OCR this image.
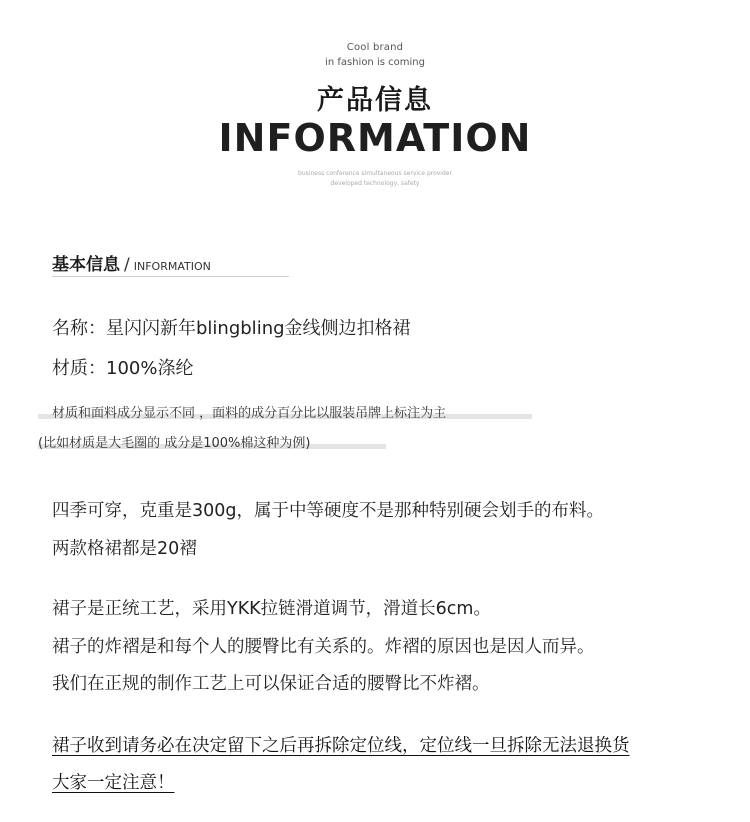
Cool brand
in fashion is coming
产品信息
INFORMATION
business conference simultaneous service provider
developed technology, safety
基本信息 / INFORMATION
名称：星闪闪新年blingbling金线侧边扣格裙
材质：100%涤纶
材质和面料成分显示不同 ，面料的成分百分比以服装吊牌上标注为主
(比如材质是大毛圈的 成分是100%棉这种为例)
四季可穿，克重是300g，属于中等硬度不是那种特别硬会划手的布料。
两款格裙都是20褶
裙子是正统工艺，采用YKK拉链滑道调节，滑道长6cm。
裙子的炸褶是和每个人的腰臀比有关系的。炸褶的原因也是因人而异。
我们在正规的制作工艺上可以保证合适的腰臀比不炸褶。
裙子收到请务必在决定留下之后再拆除定位线，定位线一旦拆除无法退换货
大家一定注意！
